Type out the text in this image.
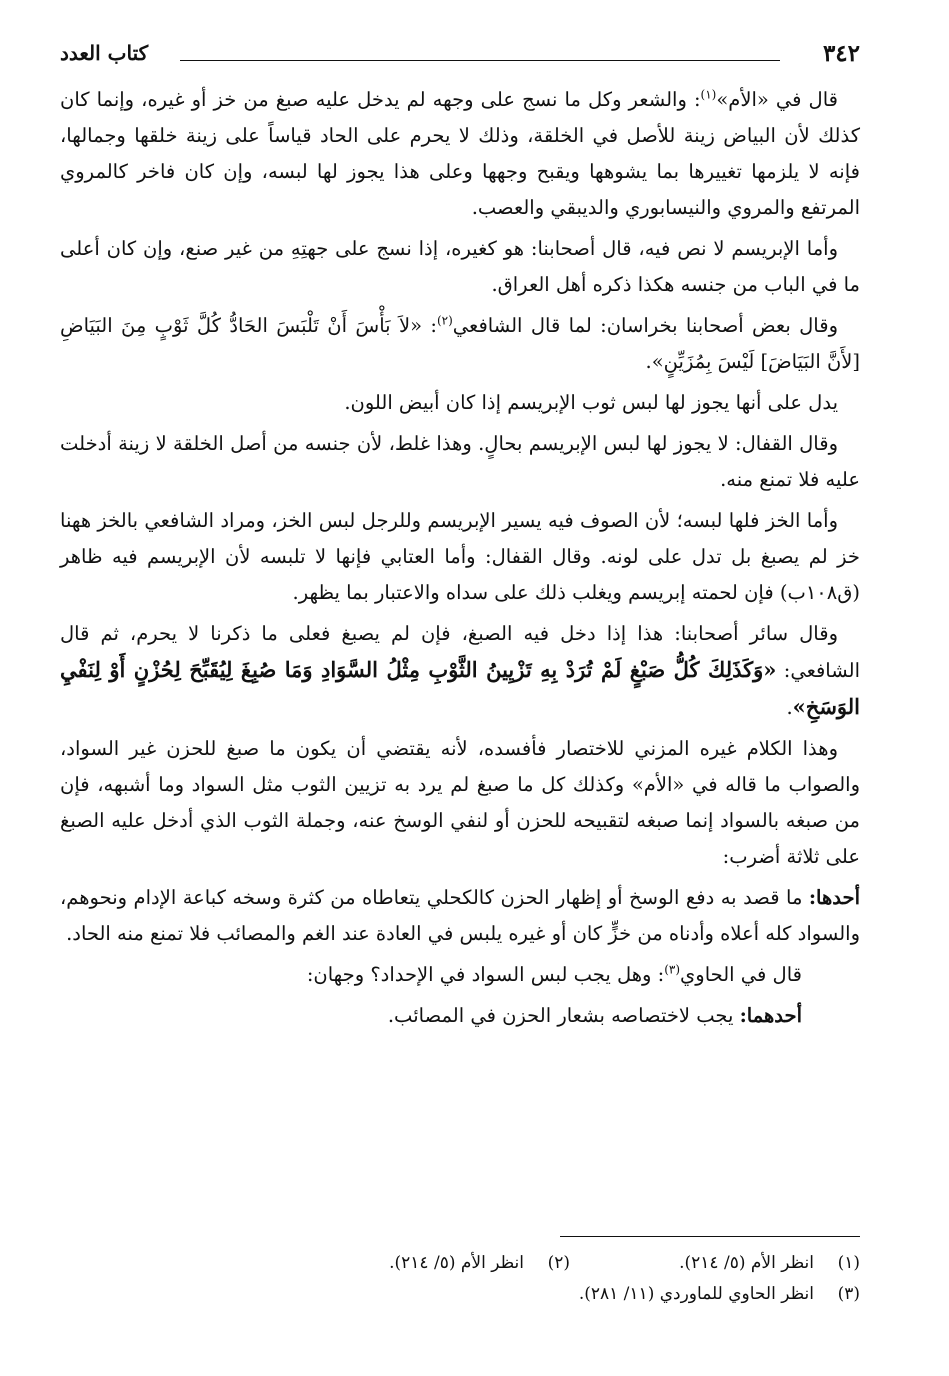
٣٤٢
كتاب العدد

قال في «الأم»$^{(١)}$: والشعر وكل ما نسج على وجهه لم يدخل عليه صبغ من خز أو غيره، وإنما كان كذلك لأن البياض زينة للأصل في الخلقة، وذلك لا يحرم على الحاد قياساً على زينة خلقها وجمالها، فإنه لا يلزمها تغييرها بما يشوهها ويقبح وجهها وعلى هذا يجوز لها لبسه، وإن كان فاخر كالمروي المرتفع والمروي والنيسابوري والديبقي والعصب.

وأما الإبريسم لا نص فيه، قال أصحابنا: هو كغيره، إذا نسج على جهتِهِ من غير صنع، وإن كان أعلى ما في الباب من جنسه هكذا ذكره أهل العراق.

وقال بعض أصحابنا بخراسان: لما قال الشافعي$^{(٢)}$: «لاَ بَأْسَ أَنْ تَلْبَسَ الحَادُّ كُلَّ ثَوْبٍ مِنَ البَيَاضِ [لأَنَّ البَيَاضَ] لَيْسَ بِمُزَيِّنٍ».

يدل على أنها يجوز لها لبس ثوب الإبريسم إذا كان أبيض اللون.

وقال القفال: لا يجوز لها لبس الإبريسم بحالٍ. وهذا غلط، لأن جنسه من أصل الخلقة لا زينة أدخلت عليه فلا تمنع منه.

وأما الخز فلها لبسه؛ لأن الصوف فيه يسير الإبريسم وللرجل لبس الخز، ومراد الشافعي بالخز ههنا خز لم يصبغ بل تدل على لونه. وقال القفال: وأما العتابي فإنها لا تلبسه لأن الإبريسم فيه ظاهر (ق١٠٨ب) فإن لحمته إبريسم ويغلب ذلك على سداه والاعتبار بما يظهر.

وقال سائر أصحابنا: هذا إذا دخل فيه الصبغ، فإن لم يصبغ فعلى ما ذكرنا لا يحرم، ثم قال الشافعي: «وَكَذَلِكَ كُلُّ صَبْغٍ لَمْ تُرَدْ بِهِ تَزْيِينُ الثَّوْبِ مِثْلُ السَّوَادِ وَمَا صُبِغَ لِيُقَبِّحَ لِحُزْنٍ أَوْ لِنَفْيِ الوَسَخِ».

وهذا الكلام غيره المزني للاختصار فأفسده، لأنه يقتضي أن يكون ما صبغ للحزن غير السواد، والصواب ما قاله في «الأم» وكذلك كل ما صبغ لم يرد به تزيين الثوب مثل السواد وما أشبهه، فإن من صبغه بالسواد إنما صبغه لتقبيحه للحزن أو لنفي الوسخ عنه، وجملة الثوب الذي أدخل عليه الصبغ على ثلاثة أضرب:

أحدها: ما قصد به دفع الوسخ أو إظهار الحزن كالكحلي يتعاطاه من كثرة وسخه كباعة الإدام ونحوهم، والسواد كله أعلاه وأدناه من خزٍّ كان أو غيره يلبس في العادة عند الغم والمصائب فلا تمنع منه الحاد.

قال في الحاوي$^{(٣)}$: وهل يجب لبس السواد في الإحداد؟ وجهان:

أحدهما: يجب لاختصاصه بشعار الحزن في المصائب.

(١)
انظر الأم (٥/ ٢١٤).
(٢)
انظر الأم (٥/ ٢١٤).
(٣)
انظر الحاوي للماوردي (١١/ ٢٨١).
